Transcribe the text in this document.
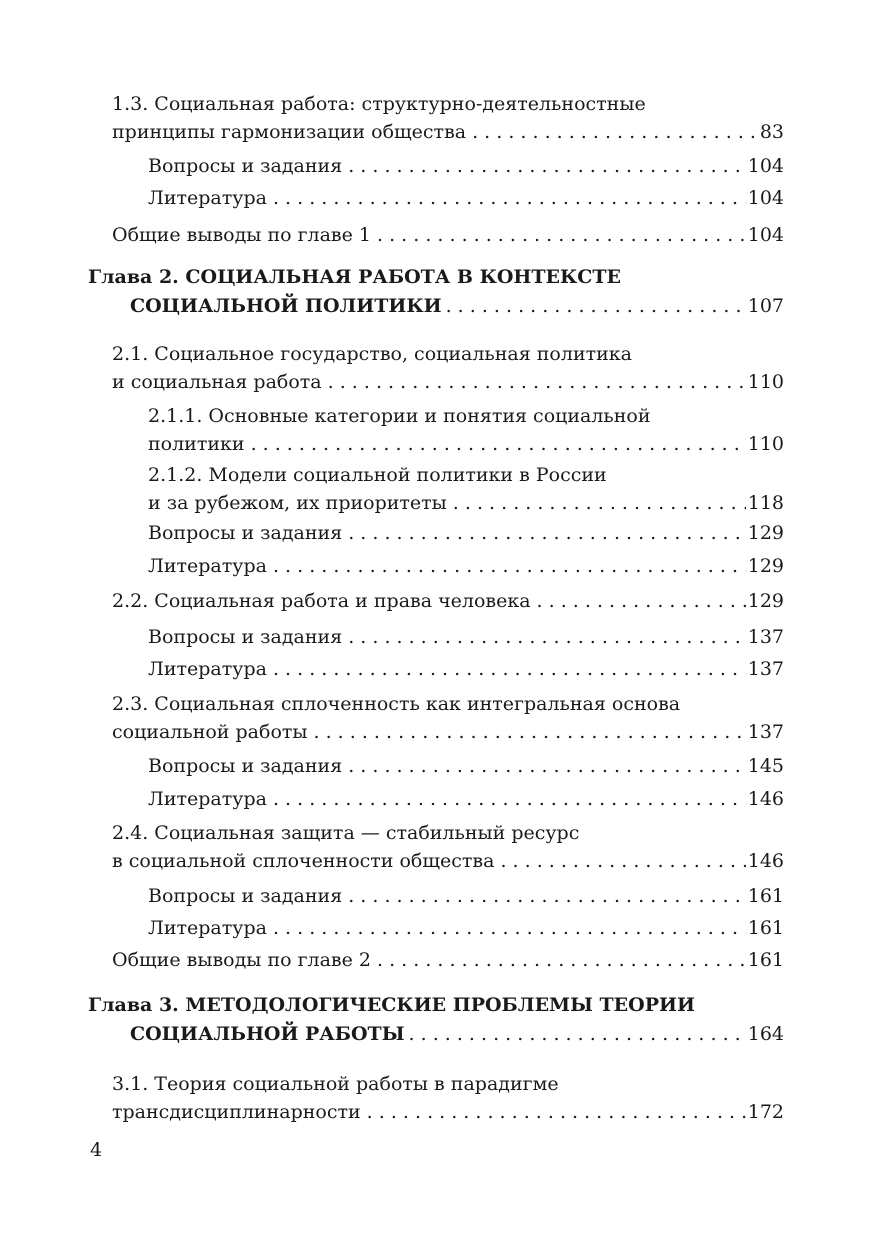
1.3. Социальная работа: структурно-деятельностные
принципы гармонизации общества . . .	83
Вопросы и задания . . .	104
Литература . . .	104
Общие выводы по главе 1 . . .	104
Глава 2. СОЦИАЛЬНАЯ РАБОТА В КОНТЕКСТЕ
СОЦИАЛЬНОЙ ПОЛИТИКИ . . .	107
2.1. Социальное государство, социальная политика
и социальная работа . . .	110
2.1.1. Основные категории и понятия социальной
политики . . .	110
2.1.2. Модели социальной политики в России
и за рубежом, их приоритеты . . .	118
Вопросы и задания . . .	129
Литература . . .	129
2.2. Социальная работа и права человека . . .	129
Вопросы и задания . . .	137
Литература . . .	137
2.3. Социальная сплоченность как интегральная основа
социальной работы . . .	137
Вопросы и задания . . .	145
Литература . . .	146
2.4. Социальная защита — стабильный ресурс
в социальной сплоченности общества . . .	146
Вопросы и задания . . .	161
Литература . . .	161
Общие выводы по главе 2 . . .	161
Глава 3. МЕТОДОЛОГИЧЕСКИЕ ПРОБЛЕМЫ ТЕОРИИ
СОЦИАЛЬНОЙ РАБОТЫ . . .	164
3.1. Теория социальной работы в парадигме
трансдисциплинарности . . .	172
4
